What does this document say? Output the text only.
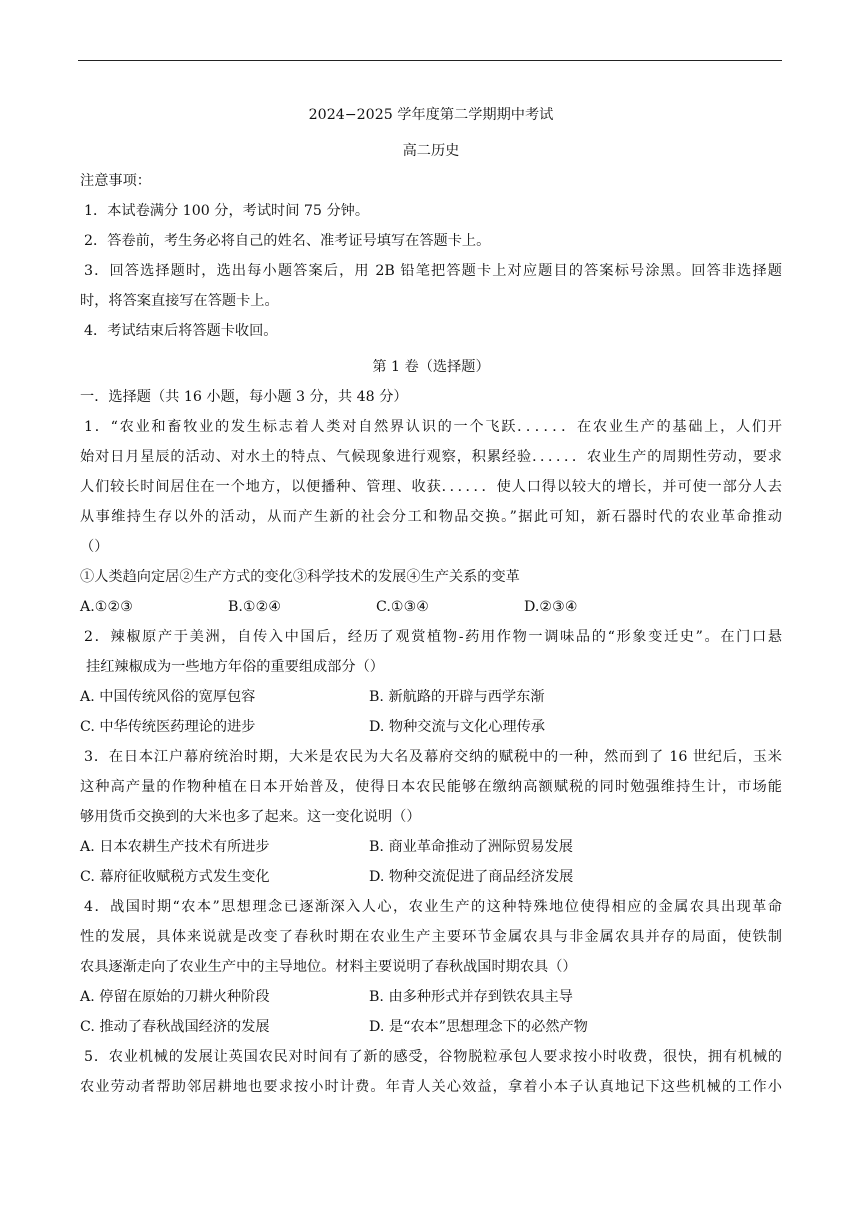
2024−2025 学年度第二学期期中考试
高二历史
注意事项：
1．本试卷满分 100 分，考试时间 75 分钟。
2．答卷前，考生务必将自己的姓名、准考证号填写在答题卡上。
3．回答选择题时，选出每小题答案后，用 2B 铅笔把答题卡上对应题目的答案标号涂黑。回答非选择题
时，将答案直接写在答题卡上。
4．考试结束后将答题卡收回。
第 1 卷（选择题）
一．选择题（共 16 小题，每小题 3 分，共 48 分）
1．“农业和畜牧业的发生标志着人类对自然界认识的一个飞跃．．．．．．在农业生产的基础上，人们开
始对日月星辰的活动、对水土的特点、气候现象进行观察，积累经验．．．．．．农业生产的周期性劳动，要求
人们较长时间居住在一个地方，以便播种、管理、收获．．．．．．使人口得以较大的增长，并可使一部分人去
从事维持生存以外的活动，从而产生新的社会分工和物品交换。”据此可知，新石器时代的农业革命推动
（）
①人类趋向定居②生产方式的变化③科学技术的发展④生产关系的变革
A.①②③	B.①②④	C.①③④	D.②③④
2．辣椒原产于美洲，自传入中国后，经历了观赏植物-药用作物一调味品的“形象变迁史”。在门口悬
挂红辣椒成为一些地方年俗的重要组成部分（）
A. 中国传统风俗的宽厚包容	B. 新航路的开辟与西学东渐
C. 中华传统医药理论的进步	D. 物种交流与文化心理传承
3．在日本江户幕府统治时期，大米是农民为大名及幕府交纳的赋税中的一种，然而到了 16 世纪后，玉米
这种高产量的作物种植在日本开始普及，使得日本农民能够在缴纳高额赋税的同时勉强维持生计，市场能
够用货币交换到的大米也多了起来。这一变化说明（）
A. 日本农耕生产技术有所进步	B. 商业革命推动了洲际贸易发展
C. 幕府征收赋税方式发生变化	D. 物种交流促进了商品经济发展
4．战国时期“农本”思想理念已逐渐深入人心，农业生产的这种特殊地位使得相应的金属农具出现革命
性的发展，具体来说就是改变了春秋时期在农业生产主要环节金属农具与非金属农具并存的局面，使铁制
农具逐渐走向了农业生产中的主导地位。材料主要说明了春秋战国时期农具（）
A. 停留在原始的刀耕火种阶段	B. 由多种形式并存到铁农具主导
C. 推动了春秋战国经济的发展	D. 是“农本”思想理念下的必然产物
5．农业机械的发展让英国农民对时间有了新的感受，谷物脱粒承包人要求按小时收费，很快，拥有机械的
农业劳动者帮助邻居耕地也要求按小时计费。年青人关心效益，拿着小本子认真地记下这些机械的工作小
